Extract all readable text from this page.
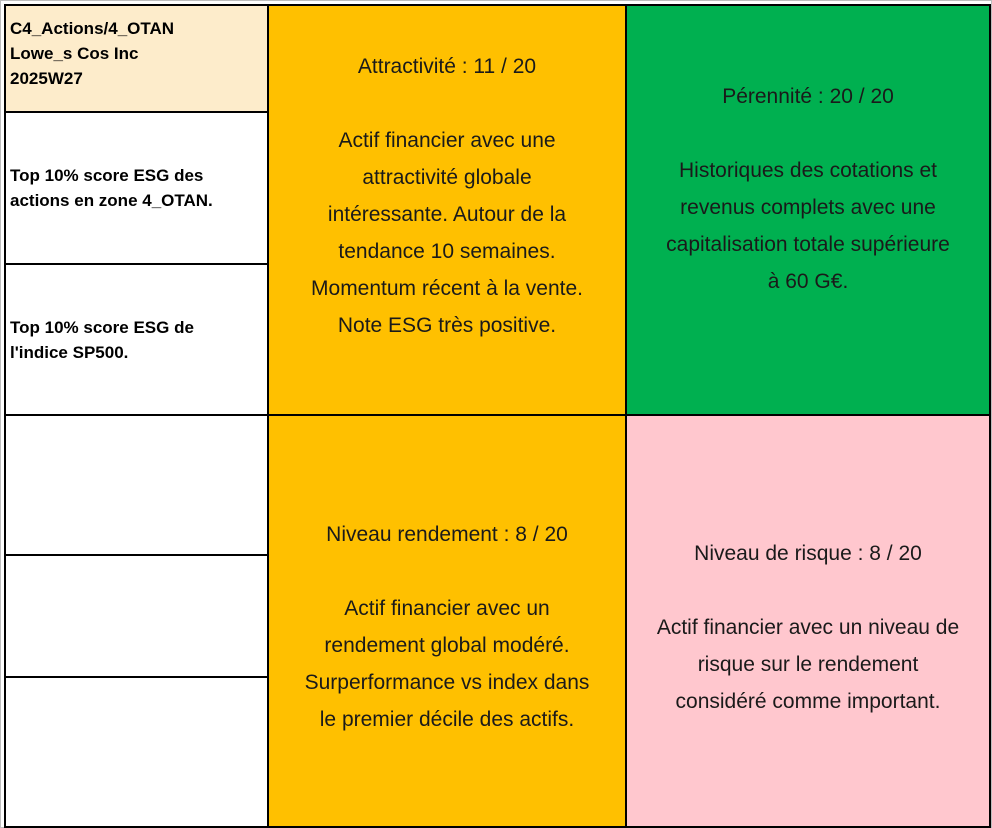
C4_Actions/4_OTAN
Lowe_s Cos Inc
2025W27
Top 10% score ESG des
actions en zone 4_OTAN.
Top 10% score ESG de
l'indice SP500.
Attractivité : 11 / 20
Actif financier avec une
attractivité globale
intéressante. Autour de la
tendance 10 semaines.
Momentum récent à la vente.
Note ESG très positive.
Pérennité : 20 / 20
Historiques des cotations et
revenus complets avec une
capitalisation totale supérieure
à 60 G€.
Niveau rendement : 8 / 20
Actif financier avec un
rendement global modéré.
Surperformance vs index dans
le premier décile des actifs.
Niveau de risque : 8 / 20
Actif financier avec un niveau de
risque sur le rendement
considéré comme important.
